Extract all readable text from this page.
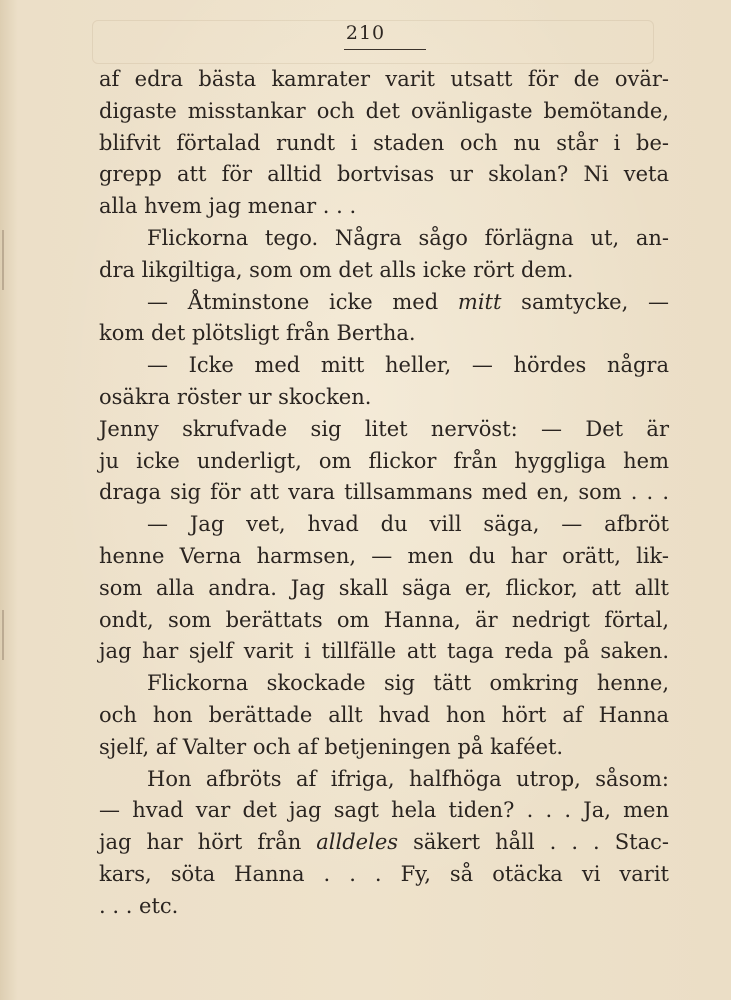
210
af edra bästa kamrater varit utsatt för de ovär-
digaste misstankar och det ovänligaste bemötande,
blifvit förtalad rundt i staden och nu står i be-
grepp att för alltid bortvisas ur skolan? Ni veta
alla hvem jag menar . . .
Flickorna tego. Några sågo förlägna ut, an-
dra likgiltiga, som om det alls icke rört dem.
— Åtminstone icke med mitt samtycke, —
kom det plötsligt från Bertha.
— Icke med mitt heller, — hördes några
osäkra röster ur skocken.
Jenny skrufvade sig litet nervöst: — Det är
ju icke underligt, om flickor från hyggliga hem
draga sig för att vara tillsammans med en, som . . .
— Jag vet, hvad du vill säga, — afbröt
henne Verna harmsen, — men du har orätt, lik-
som alla andra. Jag skall säga er, flickor, att allt
ondt, som berättats om Hanna, är nedrigt förtal,
jag har sjelf varit i tillfälle att taga reda på saken.
Flickorna skockade sig tätt omkring henne,
och hon berättade allt hvad hon hört af Hanna
sjelf, af Valter och af betjeningen på kaféet.
Hon afbröts af ifriga, halfhöga utrop, såsom:
— hvad var det jag sagt hela tiden? . . . Ja, men
jag har hört från alldeles säkert håll . . . Stac-
kars, söta Hanna . . . Fy, så otäcka vi varit
. . . etc.
